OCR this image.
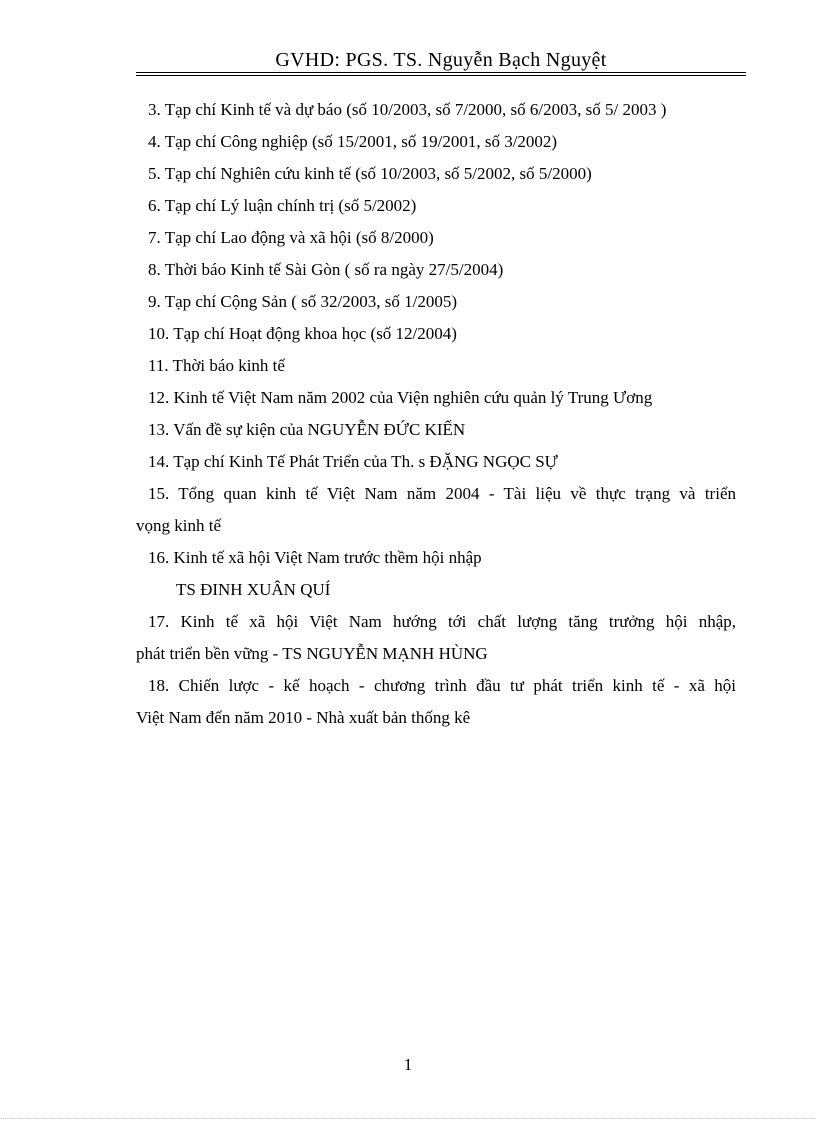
GVHD: PGS. TS. Nguyễn Bạch Nguyệt

3. Tạp chí Kinh tế và dự báo (số 10/2003, số 7/2000, số 6/2003, số 5/ 2003 )

4. Tạp chí Công nghiệp (số 15/2001, số 19/2001, số 3/2002)

5. Tạp chí Nghiên cứu kinh tế (số 10/2003, số 5/2002, số 5/2000)

6. Tạp chí Lý luận chính trị (số 5/2002)

7. Tạp chí Lao động và xã hội (số 8/2000)

8. Thời báo Kinh tế Sài Gòn ( số ra ngày 27/5/2004)

9. Tạp chí Cộng Sản ( số 32/2003, số 1/2005)

10. Tạp chí Hoạt động khoa học (số 12/2004)

11. Thời báo kinh tế

12. Kinh tế Việt Nam năm 2002 của Viện nghiên cứu quản lý Trung Ương

13. Vấn đề sự kiện của NGUYỄN ĐỨC KIẾN

14. Tạp chí Kinh Tế Phát Triển của Th. s ĐẶNG NGỌC SỰ

15. Tổng quan kinh tế Việt Nam năm 2004 - Tài liệu về thực trạng và triển
vọng kinh tế

16. Kinh tế xã hội Việt Nam trước thềm hội nhập

TS ĐINH XUÂN QUÍ
17. Kinh tế xã hội Việt Nam hướng tới chất lượng tăng trưởng hội nhập,
phát triển bền vững - TS NGUYỄN MẠNH HÙNG
18. Chiến lược - kế hoạch - chương trình đầu tư phát triển kinh tế - xã hội
Việt Nam đến năm 2010 - Nhà xuất bản thống kê
1
